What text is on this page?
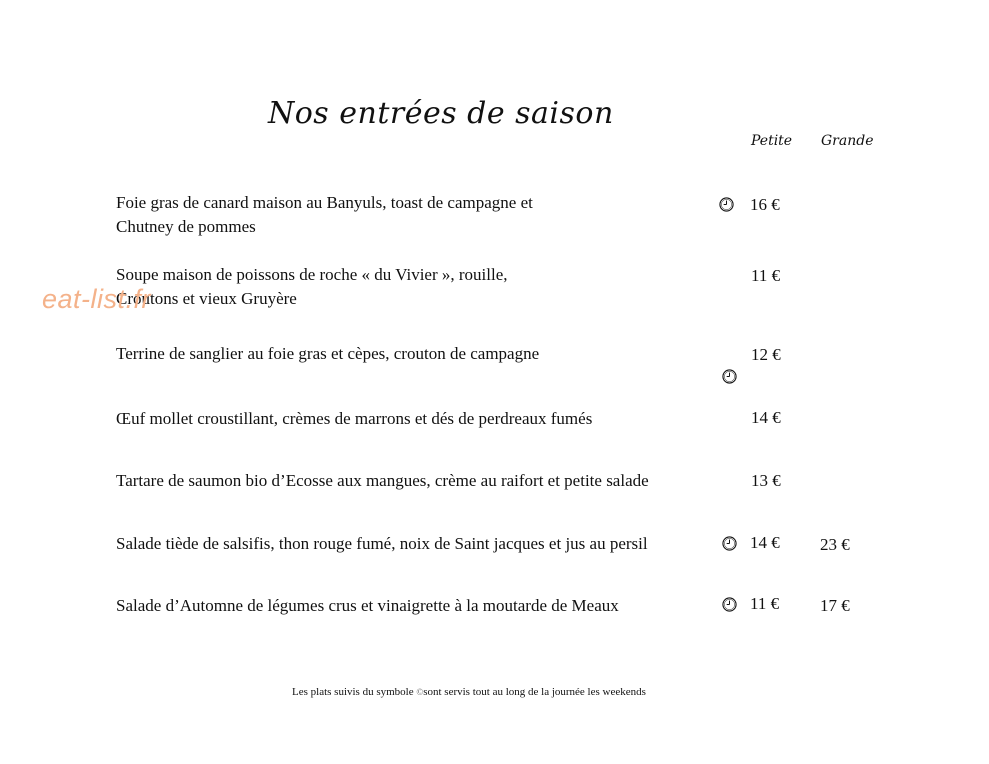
Nos entrées de saison
Petite Grande
Foie gras de canard maison au Banyuls, toast de campagne et
Chutney de pommes
16 €
Soupe maison de poissons de roche « du Vivier », rouille,
Croutons et vieux Gruyère
11 €
Terrine de sanglier au foie gras et cèpes, crouton de campagne	12 €
Œuf mollet croustillant, crèmes de marrons et dés de perdreaux fumés	14 €
Tartare de saumon bio d’Ecosse aux mangues, crème au raifort et petite salade	13 €
Salade tiède de salsifis, thon rouge fumé, noix de Saint jacques et jus au persil	14 € 23 €
Salade d’Automne de légumes crus et vinaigrette à la moutarde de Meaux	11 € 17 €
eat-list.fr
Les plats suivis du symbole ©sont servis tout au long de la journée les weekends
